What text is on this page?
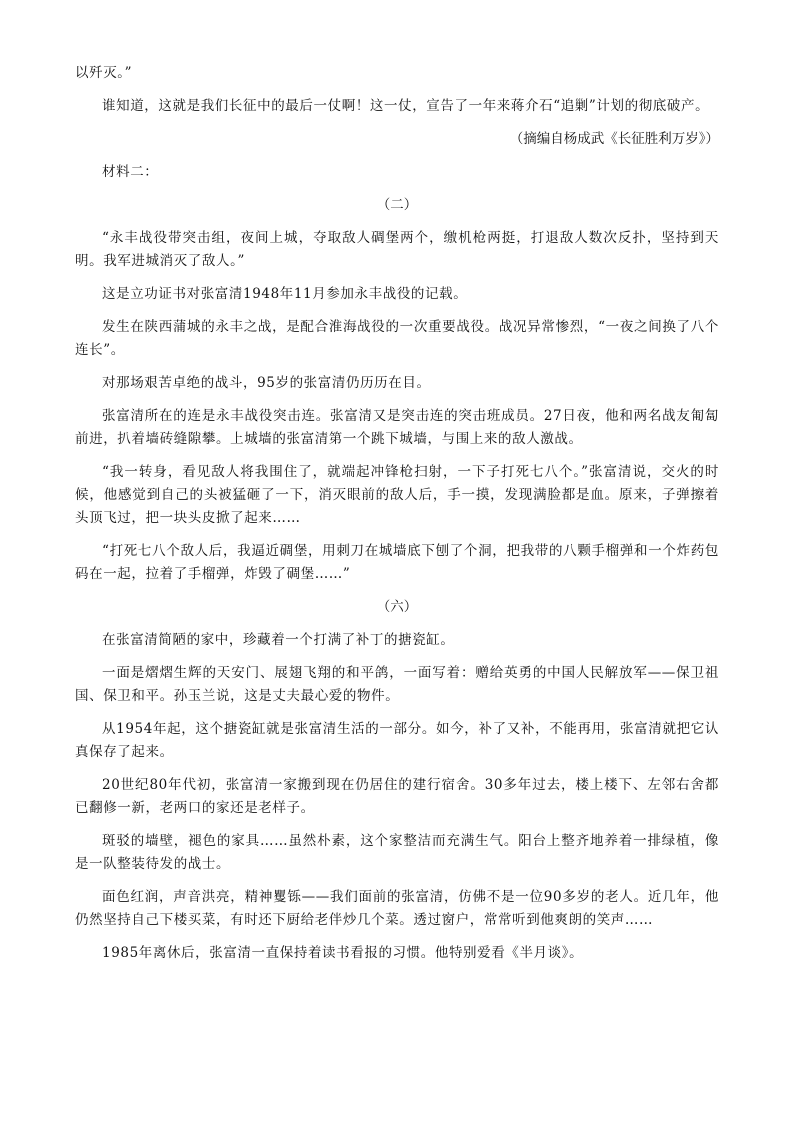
以歼灭。”

谁知道，这就是我们长征中的最后一仗啊！这一仗，宣告了一年来蒋介石“追剿”计划的彻底破产。

（摘编自杨成武《长征胜利万岁》）

材料二：

（二）

“永丰战役带突击组，夜间上城，夺取敌人碉堡两个，缴机枪两挺，打退敌人数次反扑，坚持到天明。我军进城消灭了敌人。”

这是立功证书对张富清1948年11月参加永丰战役的记载。

发生在陕西蒲城的永丰之战，是配合淮海战役的一次重要战役。战况异常惨烈，“一夜之间换了八个连长”。

对那场艰苦卓绝的战斗，95岁的张富清仍历历在目。

张富清所在的连是永丰战役突击连。张富清又是突击连的突击班成员。27日夜，他和两名战友匍匐前进，扒着墙砖缝隙攀。上城墙的张富清第一个跳下城墙，与围上来的敌人激战。

“我一转身，看见敌人将我围住了，就端起冲锋枪扫射，一下子打死七八个。”张富清说，交火的时候，他感觉到自己的头被猛砸了一下，消灭眼前的敌人后，手一摸，发现满脸都是血。原来，子弹擦着头顶飞过，把一块头皮掀了起来……

“打死七八个敌人后，我逼近碉堡，用刺刀在城墙底下刨了个洞，把我带的八颗手榴弹和一个炸药包码在一起，拉着了手榴弹，炸毁了碉堡……”

（六）

在张富清简陋的家中，珍藏着一个打满了补丁的搪瓷缸。

一面是熠熠生辉的天安门、展翅飞翔的和平鸽，一面写着：赠给英勇的中国人民解放军——保卫祖国、保卫和平。孙玉兰说，这是丈夫最心爱的物件。

从1954年起，这个搪瓷缸就是张富清生活的一部分。如今，补了又补，不能再用，张富清就把它认真保存了起来。

20世纪80年代初，张富清一家搬到现在仍居住的建行宿舍。30多年过去，楼上楼下、左邻右舍都已翻修一新，老两口的家还是老样子。

斑驳的墙壁，褪色的家具……虽然朴素，这个家整洁而充满生气。阳台上整齐地养着一排绿植，像是一队整装待发的战士。

面色红润，声音洪亮，精神矍铄——我们面前的张富清，仿佛不是一位90多岁的老人。近几年，他仍然坚持自己下楼买菜，有时还下厨给老伴炒几个菜。透过窗户，常常听到他爽朗的笑声……

1985年离休后，张富清一直保持着读书看报的习惯。他特别爱看《半月谈》。
